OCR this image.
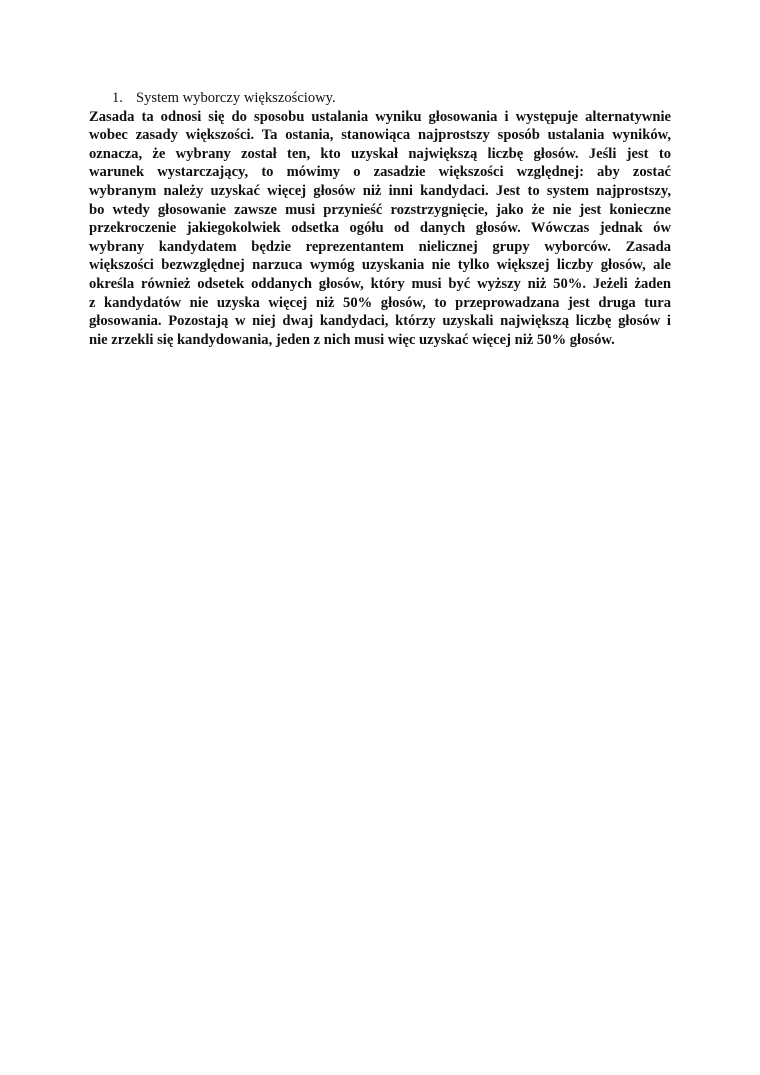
1. System wyborczy większościowy.
Zasada ta odnosi się do sposobu ustalania wyniku głosowania i występuje alternatywnie
wobec zasady większości. Ta ostania, stanowiąca najprostszy sposób ustalania wyników,
oznacza, że wybrany został ten, kto uzyskał największą liczbę głosów. Jeśli jest to
warunek wystarczający, to mówimy o zasadzie większości względnej: aby zostać
wybranym należy uzyskać więcej głosów niż inni kandydaci. Jest to system najprostszy,
bo wtedy głosowanie zawsze musi przynieść rozstrzygnięcie, jako że nie jest konieczne
przekroczenie jakiegokolwiek odsetka ogółu od danych głosów. Wówczas jednak ów
wybrany kandydatem będzie reprezentantem nielicznej grupy wyborców. Zasada
większości bezwzględnej narzuca wymóg uzyskania nie tylko większej liczby głosów, ale
określa również odsetek oddanych głosów, który musi być wyższy niż 50%. Jeżeli żaden
z kandydatów nie uzyska więcej niż 50% głosów, to przeprowadzana jest druga tura
głosowania. Pozostają w niej dwaj kandydaci, którzy uzyskali największą liczbę głosów i
nie zrzekli się kandydowania, jeden z nich musi więc uzyskać więcej niż 50% głosów.
